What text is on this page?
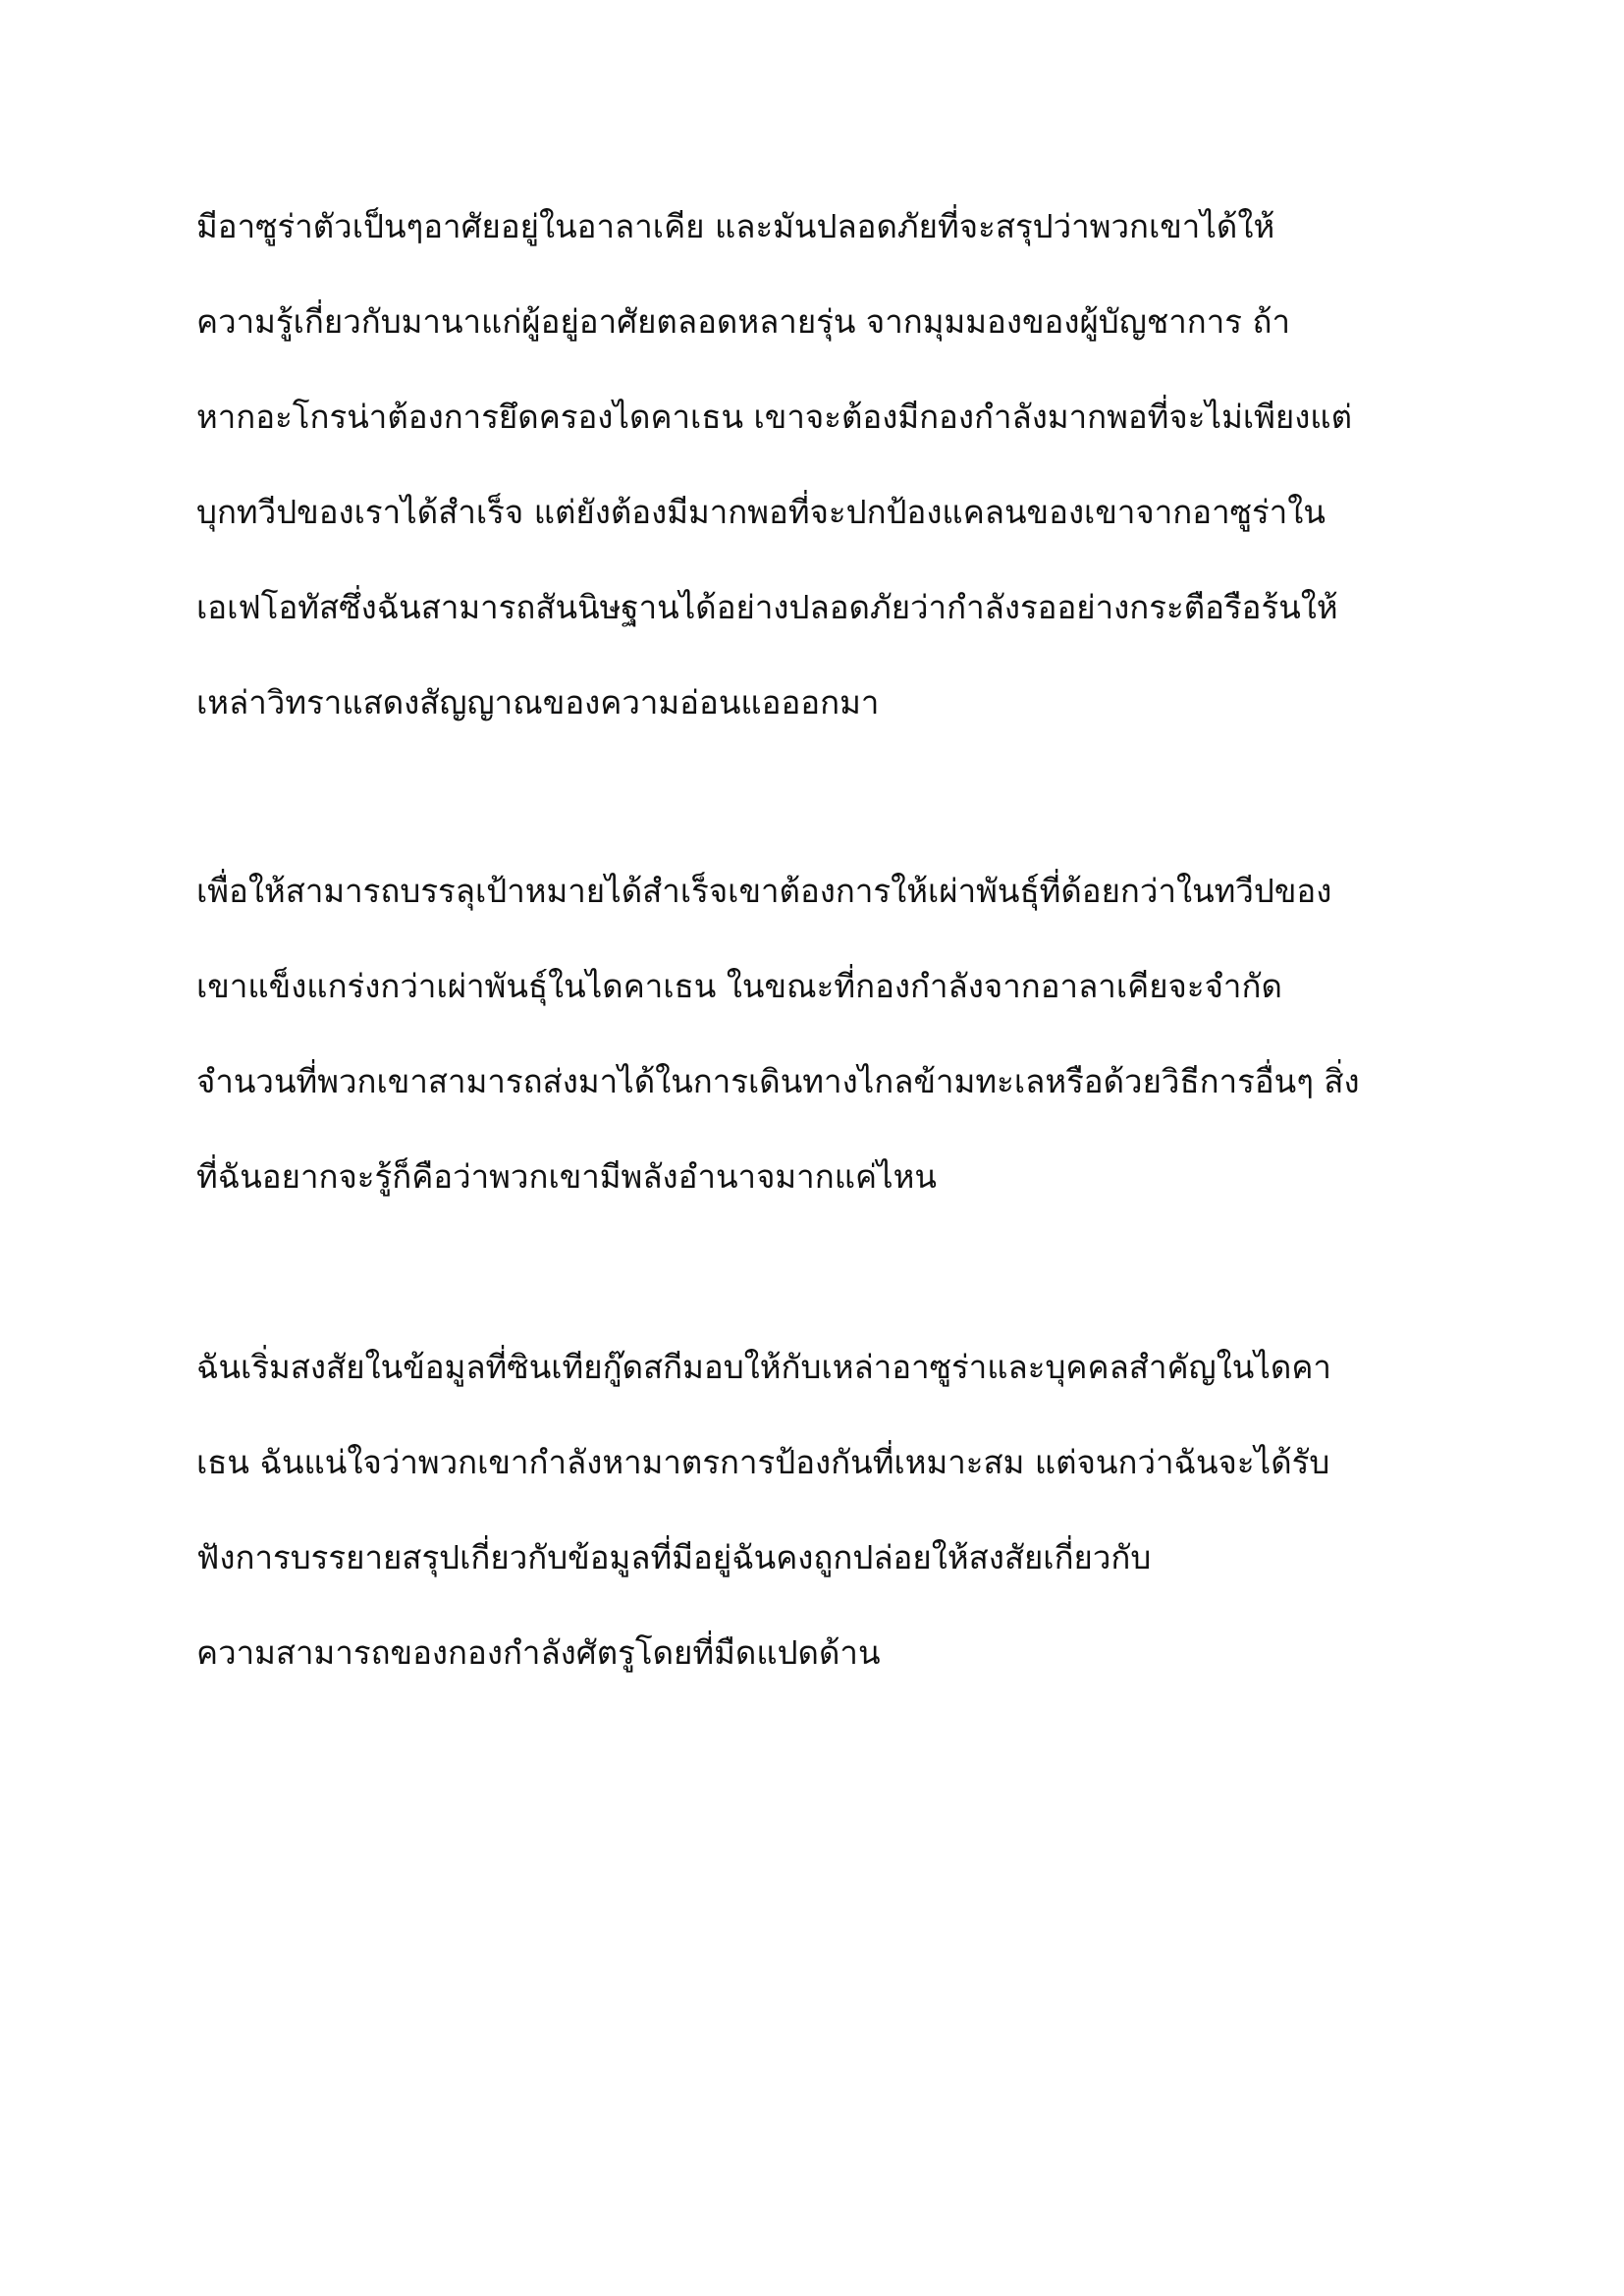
มีอาซูร่าตัวเป็นๆอาศัยอยู่ในอาลาเคีย และมันปลอดภัยที่จะสรุปว่าพวกเขาได้ให้
ความรู้เกี่ยวกับมานาแก่ผู้อยู่อาศัยตลอดหลายรุ่น จากมุมมองของผู้บัญชาการ ถ้า
หากอะโกรน่าต้องการยึดครองไดคาเธน เขาจะต้องมีกองกำลังมากพอที่จะไม่เพียงแต่
บุกทวีปของเราได้สำเร็จ แต่ยังต้องมีมากพอที่จะปกป้องแคลนของเขาจากอาซูร่าใน
เอเฟโอทัสซึ่งฉันสามารถสันนิษฐานได้อย่างปลอดภัยว่ากำลังรออย่างกระตือรือร้นให้
เหล่าวิทราแสดงสัญญาณของความอ่อนแอออกมา
เพื่อให้สามารถบรรลุเป้าหมายได้สำเร็จเขาต้องการให้เผ่าพันธุ์ที่ด้อยกว่าในทวีปของ
เขาแข็งแกร่งกว่าเผ่าพันธุ์ในไดคาเธน ในขณะที่กองกำลังจากอาลาเคียจะจำกัด
จำนวนที่พวกเขาสามารถส่งมาได้ในการเดินทางไกลข้ามทะเลหรือด้วยวิธีการอื่นๆ สิ่ง
ที่ฉันอยากจะรู้ก็คือว่าพวกเขามีพลังอำนาจมากแค่ไหน
ฉันเริ่มสงสัยในข้อมูลที่ซินเทียกู๊ดสกีมอบให้กับเหล่าอาซูร่าและบุคคลสำคัญในไดคา
เธน ฉันแน่ใจว่าพวกเขากำลังหามาตรการป้องกันที่เหมาะสม แต่จนกว่าฉันจะได้รับ
ฟังการบรรยายสรุปเกี่ยวกับข้อมูลที่มีอยู่ฉันคงถูกปล่อยให้สงสัยเกี่ยวกับ
ความสามารถของกองกำลังศัตรูโดยที่มืดแปดด้าน
